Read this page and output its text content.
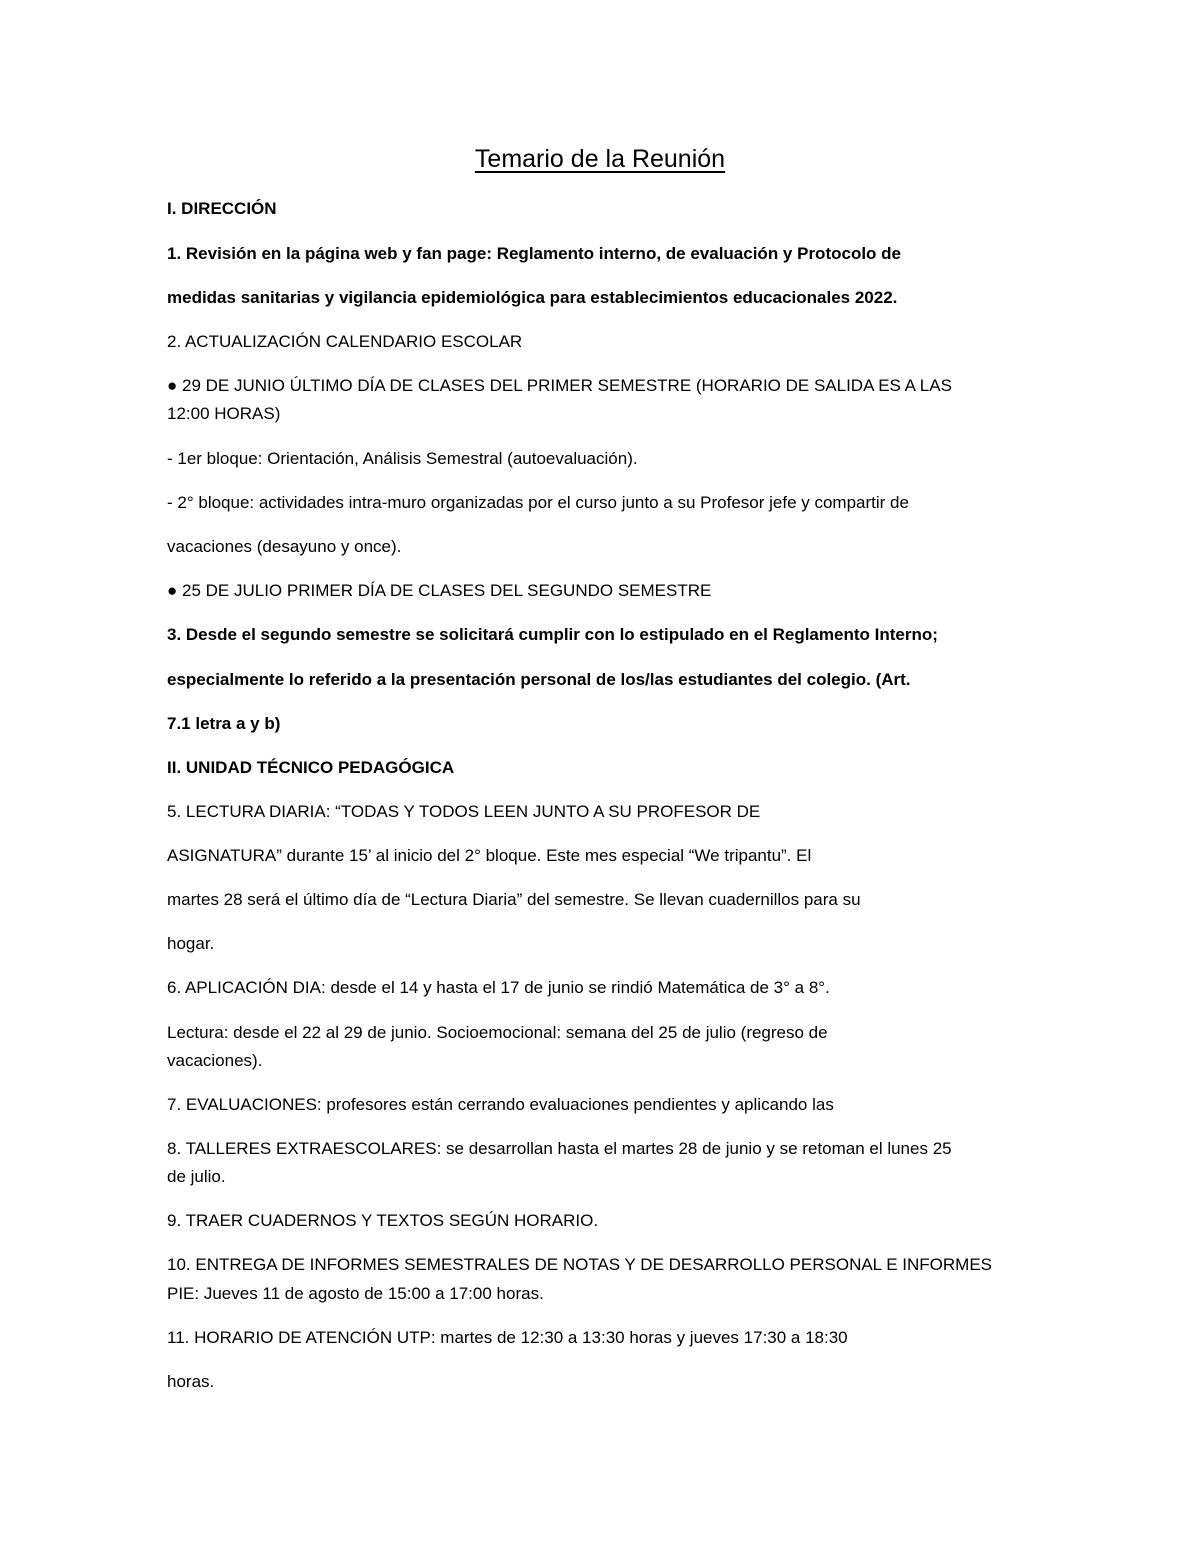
Temario de la Reunión
I. DIRECCIÓN
1. Revisión en la página web y fan page: Reglamento interno, de evaluación y Protocolo de
medidas sanitarias y vigilancia epidemiológica para establecimientos educacionales 2022.
2. ACTUALIZACIÓN CALENDARIO ESCOLAR
● 29 DE JUNIO ÚLTIMO DÍA DE CLASES DEL PRIMER SEMESTRE (HORARIO DE SALIDA ES A LAS
12:00 HORAS)
- 1er bloque: Orientación, Análisis Semestral (autoevaluación).
- 2° bloque: actividades intra-muro organizadas por el curso junto a su Profesor jefe y compartir de
vacaciones (desayuno y once).
● 25 DE JULIO PRIMER DÍA DE CLASES DEL SEGUNDO SEMESTRE
3. Desde el segundo semestre se solicitará cumplir con lo estipulado en el Reglamento Interno;
especialmente lo referido a la presentación personal de los/las estudiantes del colegio. (Art.
7.1 letra a y b)
II. UNIDAD TÉCNICO PEDAGÓGICA
5. LECTURA DIARIA: “TODAS Y TODOS LEEN JUNTO A SU PROFESOR DE
ASIGNATURA” durante 15’ al inicio del 2° bloque. Este mes especial “We tripantu”. El
martes 28 será el último día de “Lectura Diaria” del semestre. Se llevan cuadernillos para su
hogar.
6. APLICACIÓN DIA: desde el 14 y hasta el 17 de junio se rindió Matemática de 3° a 8°.
Lectura: desde el 22 al 29 de junio. Socioemocional: semana del 25 de julio (regreso de
vacaciones).
7. EVALUACIONES: profesores están cerrando evaluaciones pendientes y aplicando las
8. TALLERES EXTRAESCOLARES: se desarrollan hasta el martes 28 de junio y se retoman el lunes 25
de julio.
9. TRAER CUADERNOS Y TEXTOS SEGÚN HORARIO.
10. ENTREGA DE INFORMES SEMESTRALES DE NOTAS Y DE DESARROLLO PERSONAL E INFORMES
PIE: Jueves 11 de agosto de 15:00 a 17:00 horas.
11. HORARIO DE ATENCIÓN UTP: martes de 12:30 a 13:30 horas y jueves 17:30 a 18:30
horas.
